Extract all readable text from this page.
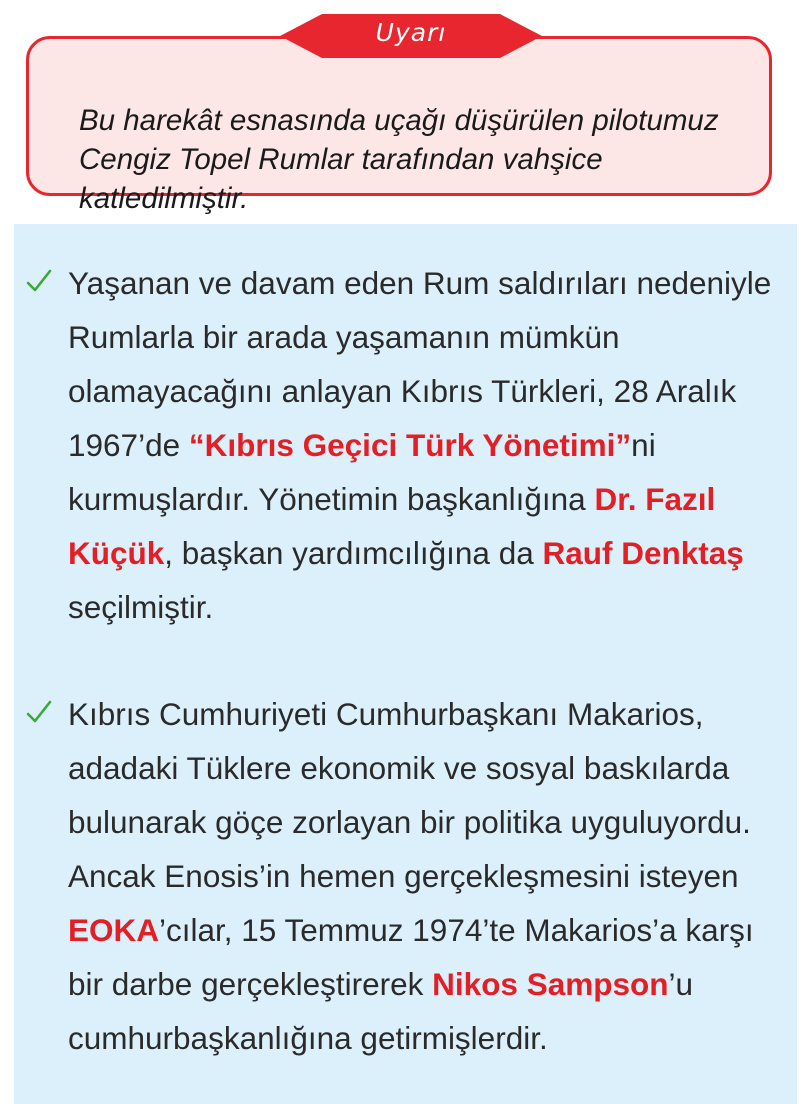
Bu harekât esnasında uçağı düşürülen pilotumuz Cengiz Topel Rumlar tarafından vahşice katledilmiştir.

Uyarı

Yaşanan ve davam eden Rum saldırıları nedeniyle Rumlarla bir arada yaşamanın mümkün olamayacağını anlayan Kıbrıs Türkleri, 28 Aralık 1967’de “Kıbrıs Geçici Türk Yönetimi”ni kurmuşlardır. Yönetimin başkanlığına Dr. Fazıl Küçük, başkan yardımcılığına da Rauf Denktaş seçilmiştir.

Kıbrıs Cumhuriyeti Cumhurbaşkanı Makarios, adadaki Tüklere ekonomik ve sosyal baskılarda bulunarak göçe zorlayan bir politika uyguluyordu. Ancak Enosis’in hemen gerçekleşmesini isteyen EOKA’cılar, 15 Temmuz 1974’te Makarios’a karşı bir darbe gerçekleştirerek Nikos Sampson’u cumhurbaşkanlığına getirmişlerdir.
